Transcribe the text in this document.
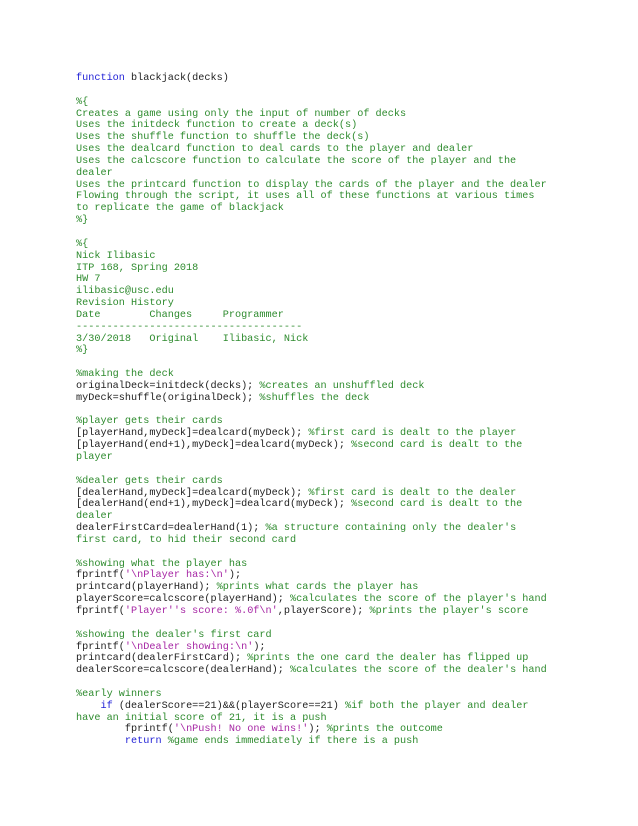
function blackjack(decks)
%{
Creates a game using only the input of number of decks
Uses the initdeck function to create a deck(s)
Uses the shuffle function to shuffle the deck(s)
Uses the dealcard function to deal cards to the player and dealer
Uses the calcscore function to calculate the score of the player and the
dealer
Uses the printcard function to display the cards of the player and the dealer
Flowing through the script, it uses all of these functions at various times
to replicate the game of blackjack
%}
%{
Nick Ilibasic
ITP 168, Spring 2018
HW 7
ilibasic@usc.edu
Revision History
Date        Changes     Programmer
-------------------------------------
3/30/2018   Original    Ilibasic, Nick
%}
%making the deck
originalDeck=initdeck(decks); %creates an unshuffled deck
myDeck=shuffle(originalDeck); %shuffles the deck
%player gets their cards
[playerHand,myDeck]=dealcard(myDeck); %first card is dealt to the player
[playerHand(end+1),myDeck]=dealcard(myDeck); %second card is dealt to the
player
%dealer gets their cards
[dealerHand,myDeck]=dealcard(myDeck); %first card is dealt to the dealer
[dealerHand(end+1),myDeck]=dealcard(myDeck); %second card is dealt to the
dealer
dealerFirstCard=dealerHand(1); %a structure containing only the dealer's
first card, to hid their second card
%showing what the player has
fprintf('\nPlayer has:\n');
printcard(playerHand); %prints what cards the player has
playerScore=calcscore(playerHand); %calculates the score of the player's hand
fprintf('Player''s score: %.0f\n',playerScore); %prints the player's score
%showing the dealer's first card
fprintf('\nDealer showing:\n');
printcard(dealerFirstCard); %prints the one card the dealer has flipped up
dealerScore=calcscore(dealerHand); %calculates the score of the dealer's hand
%early winners
if (dealerScore==21)&&(playerScore==21) %if both the player and dealer
have an initial score of 21, it is a push
fprintf('\nPush! No one wins!'); %prints the outcome
return %game ends immediately if there is a push
